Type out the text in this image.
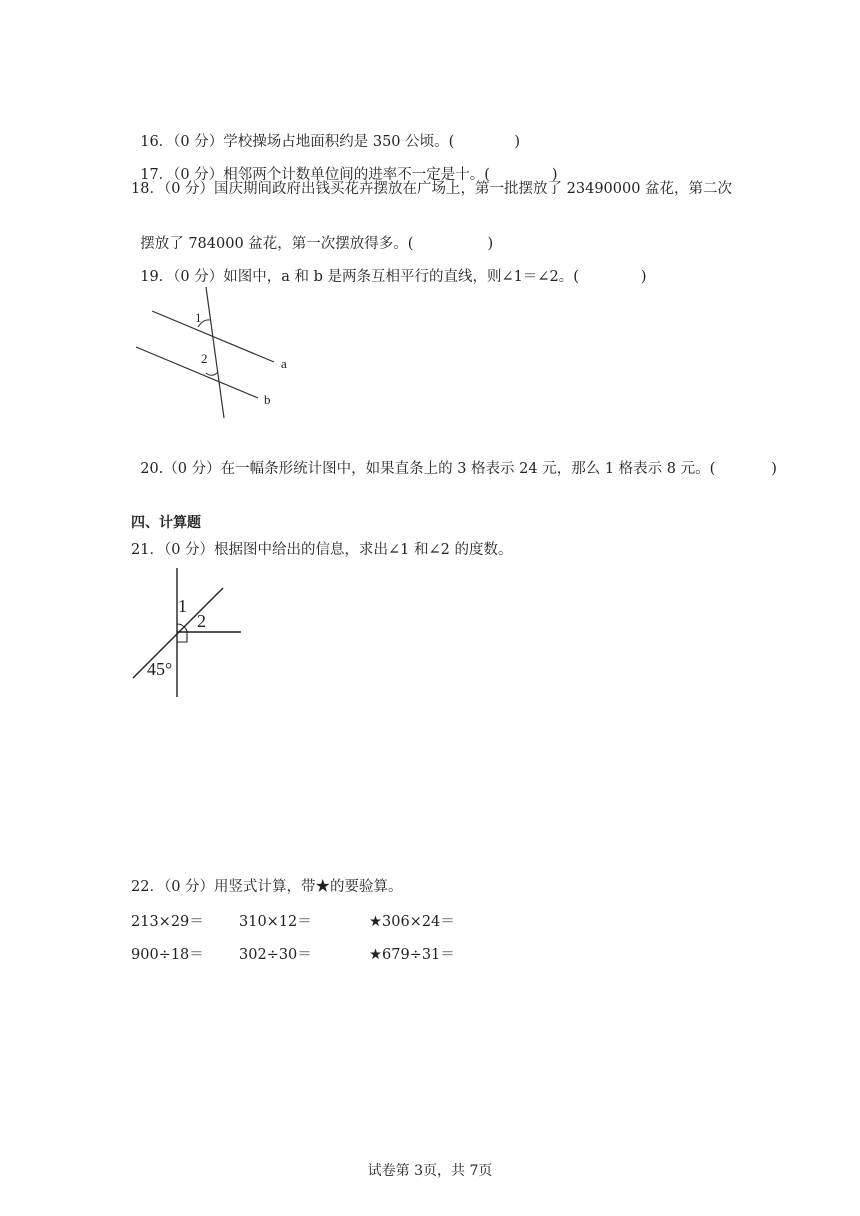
16．（0 分）学校操场占地面积约是 350 公顷。(	)

17．（0 分）相邻两个计数单位间的进率不一定是十。(	)

18．（0 分）国庆期间政府出钱买花卉摆放在广场上，第一批摆放了 23490000 盆花，第二次

摆放了 784000 盆花，第一次摆放得多。(	)

19．（0 分）如图中，a 和 b 是两条互相平行的直线，则∠1＝∠2。(	)

1
2	a
b
1
2
45°

20.（0 分）在一幅条形统计图中，如果直条上的 3 格表示 24 元，那么 1 格表示 8 元。(	)

四、计算题
21．（0 分）根据图中给出的信息，求出∠1 和∠2 的度数。
22．（0 分）用竖式计算，带★的要验算。
213×29＝ 310×12＝	★306×24＝
900÷18＝ 302÷30＝	★679÷31＝
试卷第 3页，共 7页
